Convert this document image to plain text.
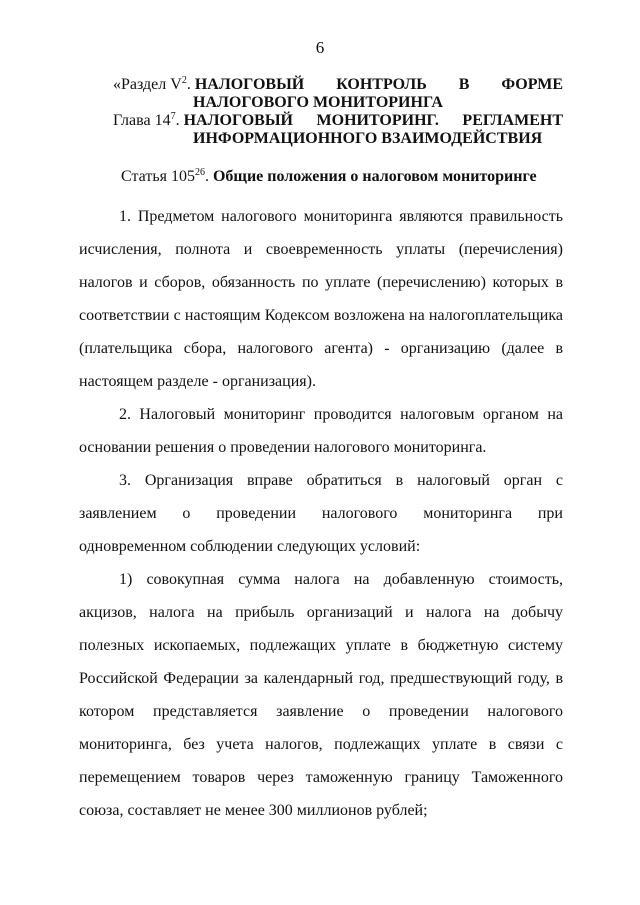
6
«Раздел $V^2$. НАЛОГОВЫЙ КОНТРОЛЬ В ФОРМЕ
НАЛОГОВОГО МОНИТОРИНГА
Глава $14^7$. НАЛОГОВЫЙ МОНИТОРИНГ. РЕГЛАМЕНТ
ИНФОРМАЦИОННОГО ВЗАИМОДЕЙСТВИЯ
Статья $105^{26}$. Общие положения о налоговом мониторинге

1. Предметом налогового мониторинга являются правильность исчисления, полнота и своевременность уплаты (перечисления) налогов и сборов, обязанность по уплате (перечислению) которых в соответствии с настоящим Кодексом возложена на налогоплательщика (плательщика сбора, налогового агента) - организацию (далее в настоящем разделе - организация).

2. Налоговый мониторинг проводится налоговым органом на основании решения о проведении налогового мониторинга.

3. Организация вправе обратиться в налоговый орган с заявлением о проведении налогового мониторинга при одновременном соблюдении следующих условий:

1) совокупная сумма налога на добавленную стоимость, акцизов, налога на прибыль организаций и налога на добычу полезных ископаемых, подлежащих уплате в бюджетную систему Российской Федерации за календарный год, предшествующий году, в котором представляется заявление о проведении налогового мониторинга, без учета налогов, подлежащих уплате в связи с перемещением товаров через таможенную границу Таможенного союза, составляет не менее 300 миллионов рублей;
